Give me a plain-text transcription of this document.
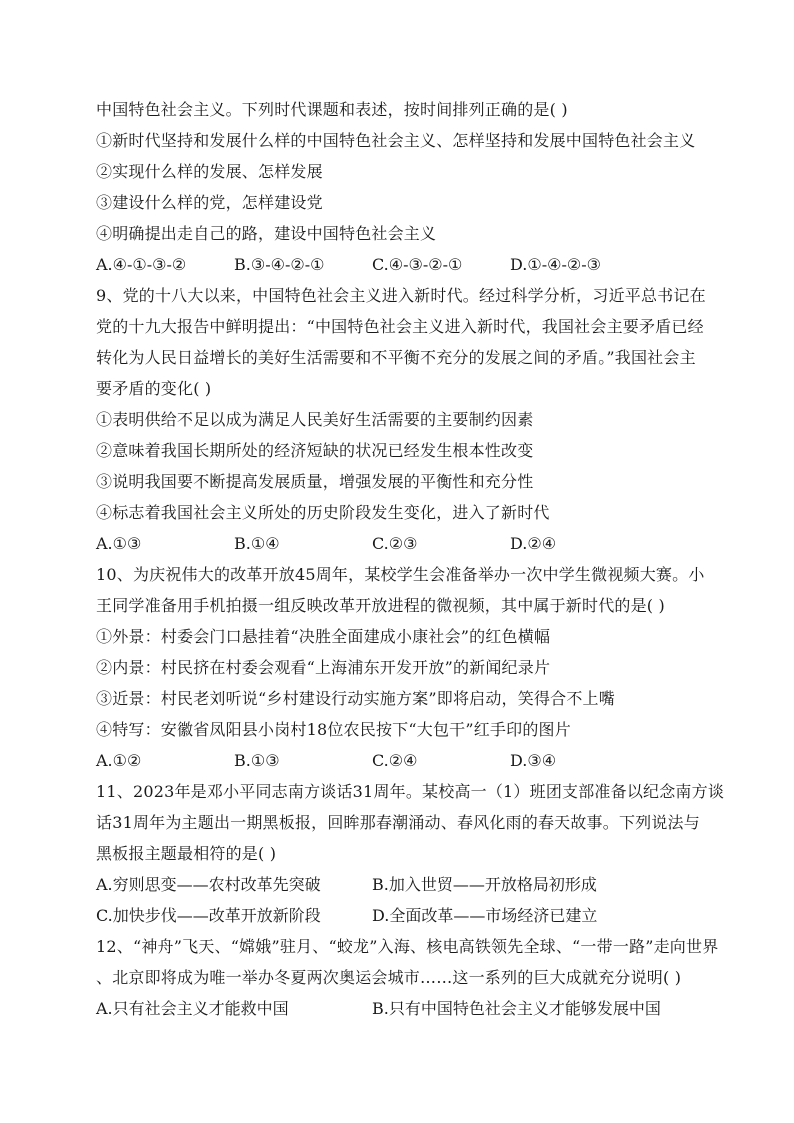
中国特色社会主义。下列时代课题和表述，按时间排列正确的是( )
①新时代坚持和发展什么样的中国特色社会主义、怎样坚持和发展中国特色社会主义
②实现什么样的发展、怎样发展
③建设什么样的党，怎样建设党
④明确提出走自己的路，建设中国特色社会主义
A.④-①-③-②	B.③-④-②-①	C.④-③-②-①	D.①-④-②-③
9、党的十八大以来，中国特色社会主义进入新时代。经过科学分析，习近平总书记在
党的十九大报告中鲜明提出：“中国特色社会主义进入新时代，我国社会主要矛盾已经
转化为人民日益增长的美好生活需要和不平衡不充分的发展之间的矛盾。”我国社会主
要矛盾的变化( )
①表明供给不足以成为满足人民美好生活需要的主要制约因素
②意味着我国长期所处的经济短缺的状况已经发生根本性改变
③说明我国要不断提高发展质量，增强发展的平衡性和充分性
④标志着我国社会主义所处的历史阶段发生变化，进入了新时代
A.①③	B.①④	C.②③	D.②④
10、为庆祝伟大的改革开放45周年，某校学生会准备举办一次中学生微视频大赛。小
王同学准备用手机拍摄一组反映改革开放进程的微视频，其中属于新时代的是( )
①外景：村委会门口悬挂着“决胜全面建成小康社会”的红色横幅
②内景：村民挤在村委会观看“上海浦东开发开放”的新闻纪录片
③近景：村民老刘听说“乡村建设行动实施方案”即将启动，笑得合不上嘴
④特写：安徽省凤阳县小岗村18位农民按下“大包干”红手印的图片
A.①②	B.①③	C.②④	D.③④
11、2023年是邓小平同志南方谈话31周年。某校高一（1）班团支部准备以纪念南方谈
话31周年为主题出一期黑板报，回眸那春潮涌动、春风化雨的春天故事。下列说法与
黑板报主题最相符的是( )
A.穷则思变——农村改革先突破	B.加入世贸——开放格局初形成
C.加快步伐——改革开放新阶段	D.全面改革——市场经济已建立
12、“神舟”飞天、“嫦娥”驻月、“蛟龙”入海、核电高铁领先全球、“一带一路”走向世界
、北京即将成为唯一举办冬夏两次奥运会城市……这一系列的巨大成就充分说明( )
A.只有社会主义才能救中国	B.只有中国特色社会主义才能够发展中国
